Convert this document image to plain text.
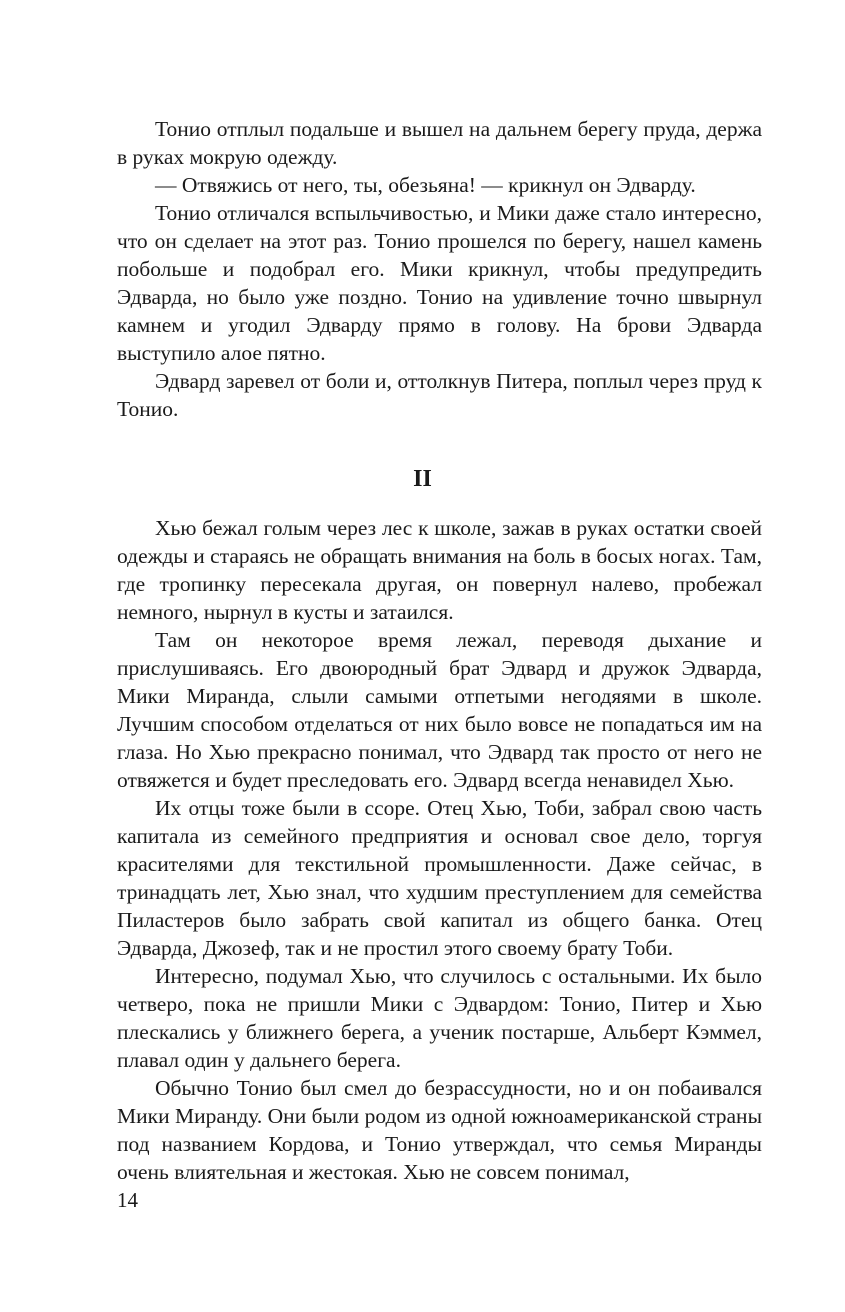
Тонио отплыл подальше и вышел на дальнем берегу пруда, держа в руках мокрую одежду.

— Отвяжись от него, ты, обезьяна! — крикнул он Эдварду.

Тонио отличался вспыльчивостью, и Мики даже стало интересно, что он сделает на этот раз. Тонио прошелся по берегу, нашел камень побольше и подобрал его. Мики крикнул, чтобы предупредить Эдварда, но было уже поздно. Тонио на удивление точно швырнул камнем и угодил Эдварду прямо в голову. На брови Эдварда выступило алое пятно.

Эдвард заревел от боли и, оттолкнув Питера, поплыл через пруд к Тонио.

II

Хью бежал голым через лес к школе, зажав в руках остатки своей одежды и стараясь не обращать внимания на боль в босых ногах. Там, где тропинку пересекала другая, он повернул налево, пробежал немного, нырнул в кусты и затаился.

Там он некоторое время лежал, переводя дыхание и прислушиваясь. Его двоюродный брат Эдвард и дружок Эдварда, Мики Миранда, слыли самыми отпетыми негодяями в школе. Лучшим способом отделаться от них было вовсе не попадаться им на глаза. Но Хью прекрасно понимал, что Эдвард так просто от него не отвяжется и будет преследовать его. Эдвард всегда ненавидел Хью.

Их отцы тоже были в ссоре. Отец Хью, Тоби, забрал свою часть капитала из семейного предприятия и основал свое дело, торгуя красителями для текстильной промышленности. Даже сейчас, в тринадцать лет, Хью знал, что худшим преступлением для семейства Пиластеров было забрать свой капитал из общего банка. Отец Эдварда, Джозеф, так и не простил этого своему брату Тоби.

Интересно, подумал Хью, что случилось с остальными. Их было четверо, пока не пришли Мики с Эдвардом: Тонио, Питер и Хью плескались у ближнего берега, а ученик постарше, Альберт Кэммел, плавал один у дальнего берега.

Обычно Тонио был смел до безрассудности, но и он побаивался Мики Миранду. Они были родом из одной южноамериканской страны под названием Кордова, и Тонио утверждал, что семья Миранды очень влиятельная и жестокая. Хью не совсем понимал,

14
